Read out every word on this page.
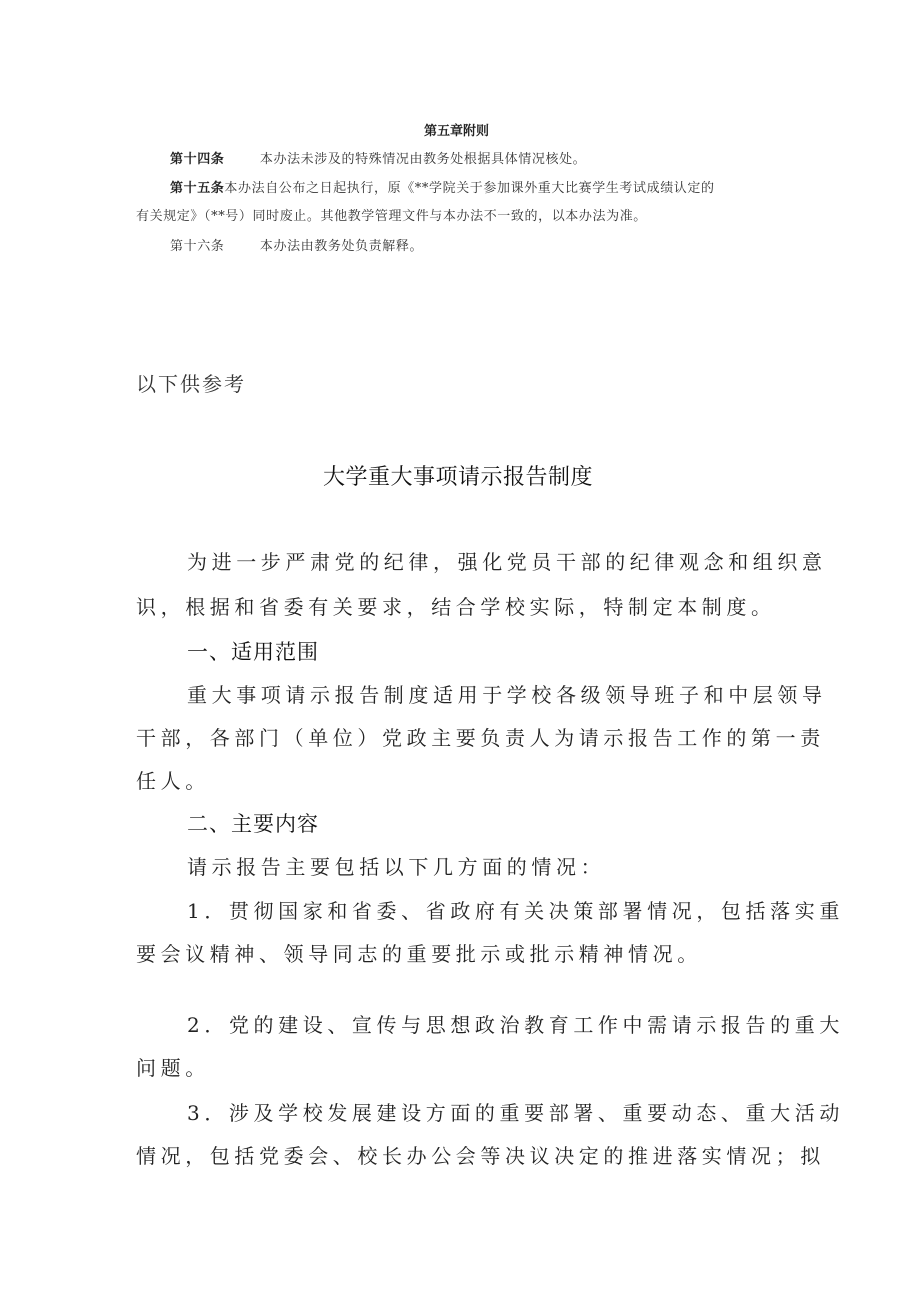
第五章附则
第十四条	本办法未涉及的特殊情况由教务处根据具体情况核处。
第十五条本办法自公布之日起执行，原《**学院关于参加课外重大比赛学生考试成绩认定的
有关规定》（**号）同时废止。其他教学管理文件与本办法不一致的，以本办法为准。
第十六条	本办法由教务处负责解释。
以下供参考
大学重大事项请示报告制度
为进一步严肃党的纪律，强化党员干部的纪律观念和组织意
识，根据和省委有关要求，结合学校实际，特制定本制度。
一、适用范围
重大事项请示报告制度适用于学校各级领导班子和中层领导
干部，各部门（单位）党政主要负责人为请示报告工作的第一责
任人。
二、主要内容
请示报告主要包括以下几方面的情况：
1．贯彻国家和省委、省政府有关决策部署情况，包括落实重
要会议精神、领导同志的重要批示或批示精神情况。
2．党的建设、宣传与思想政治教育工作中需请示报告的重大
问题。
3．涉及学校发展建设方面的重要部署、重要动态、重大活动
情况，包括党委会、校长办公会等决议决定的推进落实情况；拟
